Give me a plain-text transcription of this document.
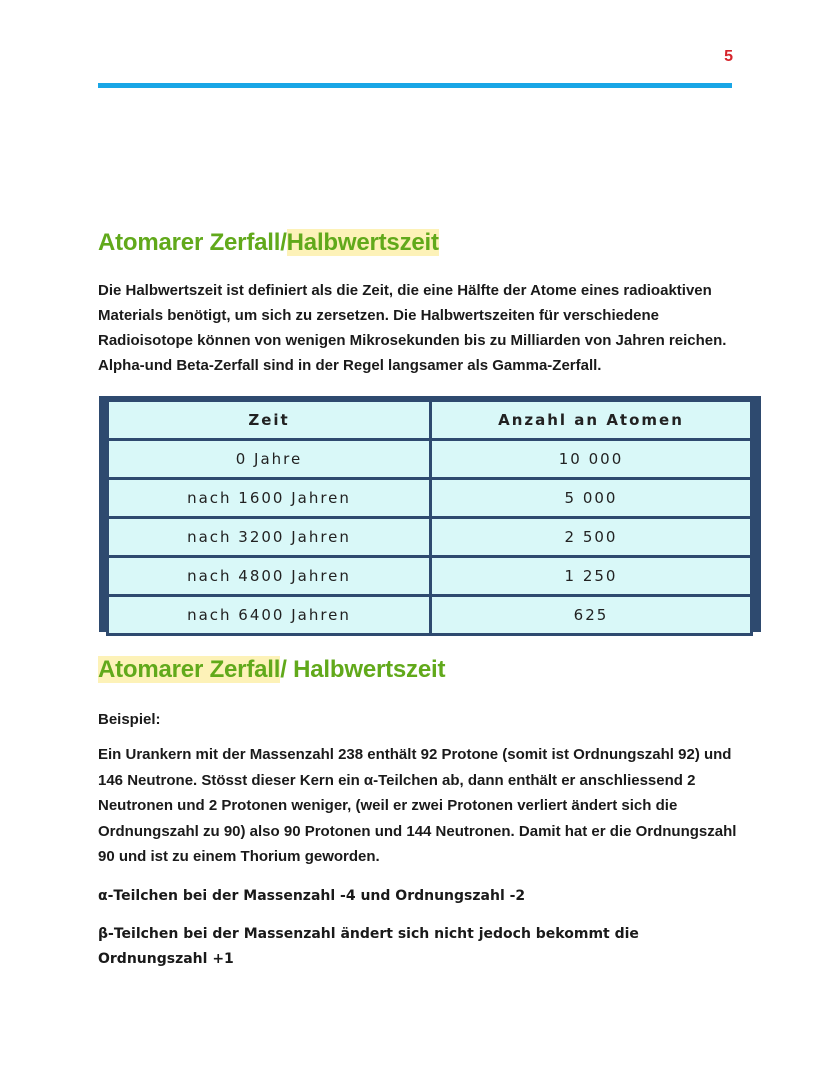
5
Atomarer Zerfall/Halbwertszeit

Die Halbwertszeit ist definiert als die Zeit, die eine Hälfte der Atome eines radioaktiven Materials benötigt, um sich zu zersetzen. Die Halbwertszeiten für verschiedene Radioisotope können von wenigen Mikrosekunden bis zu Milliarden von Jahren reichen. Alpha-und Beta-Zerfall sind in der Regel langsamer als Gamma-Zerfall.

Zeit	Anzahl an Atomen
0 Jahre	10 000
nach 1600 Jahren	5 000
nach 3200 Jahren	2 500
nach 4800 Jahren	1 250
nach 6400 Jahren	625
Atomarer Zerfall/ Halbwertszeit

Beispiel:

Ein Urankern mit der Massenzahl 238 enthält 92 Protone (somit ist Ordnungszahl 92) und 146 Neutrone. Stösst dieser Kern ein α-Teilchen ab, dann enthält er anschliessend 2 Neutronen und 2 Protonen weniger, (weil er zwei Protonen verliert ändert sich die Ordnungszahl zu 90) also 90 Protonen und 144 Neutronen. Damit hat er die Ordnungszahl 90 und ist zu einem Thorium geworden.

α-Teilchen bei der Massenzahl -4 und Ordnungszahl -2

β-Teilchen bei der Massenzahl ändert sich nicht jedoch bekommt die Ordnungszahl +1
